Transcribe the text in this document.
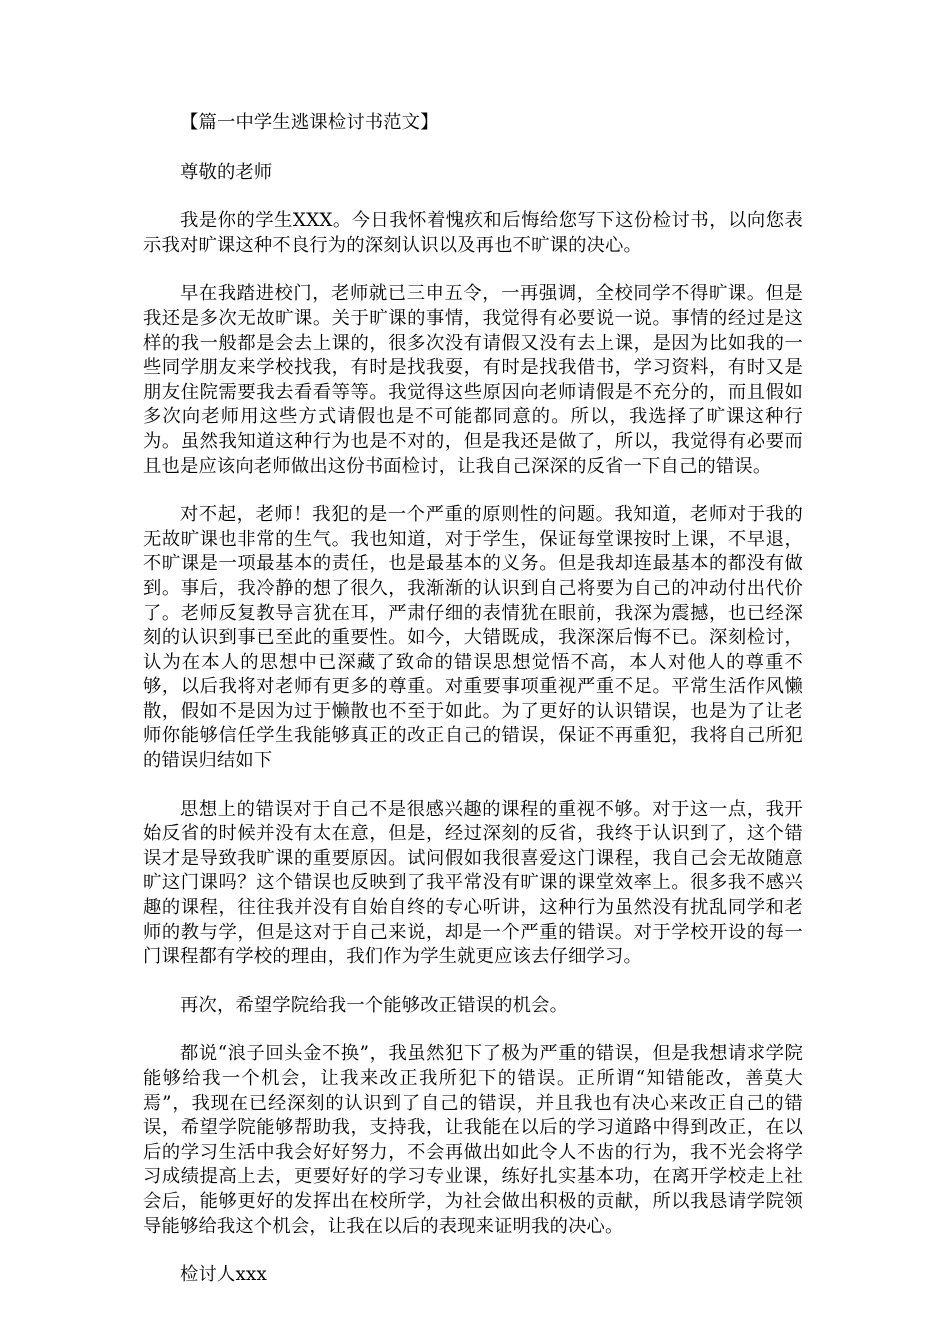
【篇一中学生逃课检讨书范文】

尊敬的老师

我是你的学生XXX。今日我怀着愧疚和后悔给您写下这份检讨书，以向您表示我对旷课这种不良行为的深刻认识以及再也不旷课的决心。

早在我踏进校门，老师就已三申五令，一再强调，全校同学不得旷课。但是我还是多次无故旷课。关于旷课的事情，我觉得有必要说一说。事情的经过是这样的我一般都是会去上课的，很多次没有请假又没有去上课，是因为比如我的一些同学朋友来学校找我，有时是找我耍，有时是找我借书，学习资料，有时又是朋友住院需要我去看看等等。我觉得这些原因向老师请假是不充分的，而且假如多次向老师用这些方式请假也是不可能都同意的。所以，我选择了旷课这种行为。虽然我知道这种行为也是不对的，但是我还是做了，所以，我觉得有必要而且也是应该向老师做出这份书面检讨，让我自己深深的反省一下自己的错误。

对不起，老师！我犯的是一个严重的原则性的问题。我知道，老师对于我的无故旷课也非常的生气。我也知道，对于学生，保证每堂课按时上课，不早退，不旷课是一项最基本的责任，也是最基本的义务。但是我却连最基本的都没有做到。事后，我冷静的想了很久，我渐渐的认识到自己将要为自己的冲动付出代价了。老师反复教导言犹在耳，严肃仔细的表情犹在眼前，我深为震撼，也已经深刻的认识到事已至此的重要性。如今，大错既成，我深深后悔不已。深刻检讨，认为在本人的思想中已深藏了致命的错误思想觉悟不高，本人对他人的尊重不够，以后我将对老师有更多的尊重。对重要事项重视严重不足。平常生活作风懒散，假如不是因为过于懒散也不至于如此。为了更好的认识错误，也是为了让老师你能够信任学生我能够真正的改正自己的错误，保证不再重犯，我将自己所犯的错误归结如下

思想上的错误对于自己不是很感兴趣的课程的重视不够。对于这一点，我开始反省的时候并没有太在意，但是，经过深刻的反省，我终于认识到了，这个错误才是导致我旷课的重要原因。试问假如我很喜爱这门课程，我自己会无故随意旷这门课吗？这个错误也反映到了我平常没有旷课的课堂效率上。很多我不感兴趣的课程，往往我并没有自始自终的专心听讲，这种行为虽然没有扰乱同学和老师的教与学，但是这对于自己来说，却是一个严重的错误。对于学校开设的每一门课程都有学校的理由，我们作为学生就更应该去仔细学习。

再次，希望学院给我一个能够改正错误的机会。

都说“浪子回头金不换”，我虽然犯下了极为严重的错误，但是我想请求学院能够给我一个机会，让我来改正我所犯下的错误。正所谓“知错能改，善莫大焉”，我现在已经深刻的认识到了自己的错误，并且我也有决心来改正自己的错误，希望学院能够帮助我，支持我，让我能在以后的学习道路中得到改正，在以后的学习生活中我会好好努力，不会再做出如此令人不齿的行为，我不光会将学习成绩提高上去，更要好好的学习专业课，练好扎实基本功，在离开学校走上社会后，能够更好的发挥出在校所学，为社会做出积极的贡献，所以我恳请学院领导能够给我这个机会，让我在以后的表现来证明我的决心。

检讨人xxx
